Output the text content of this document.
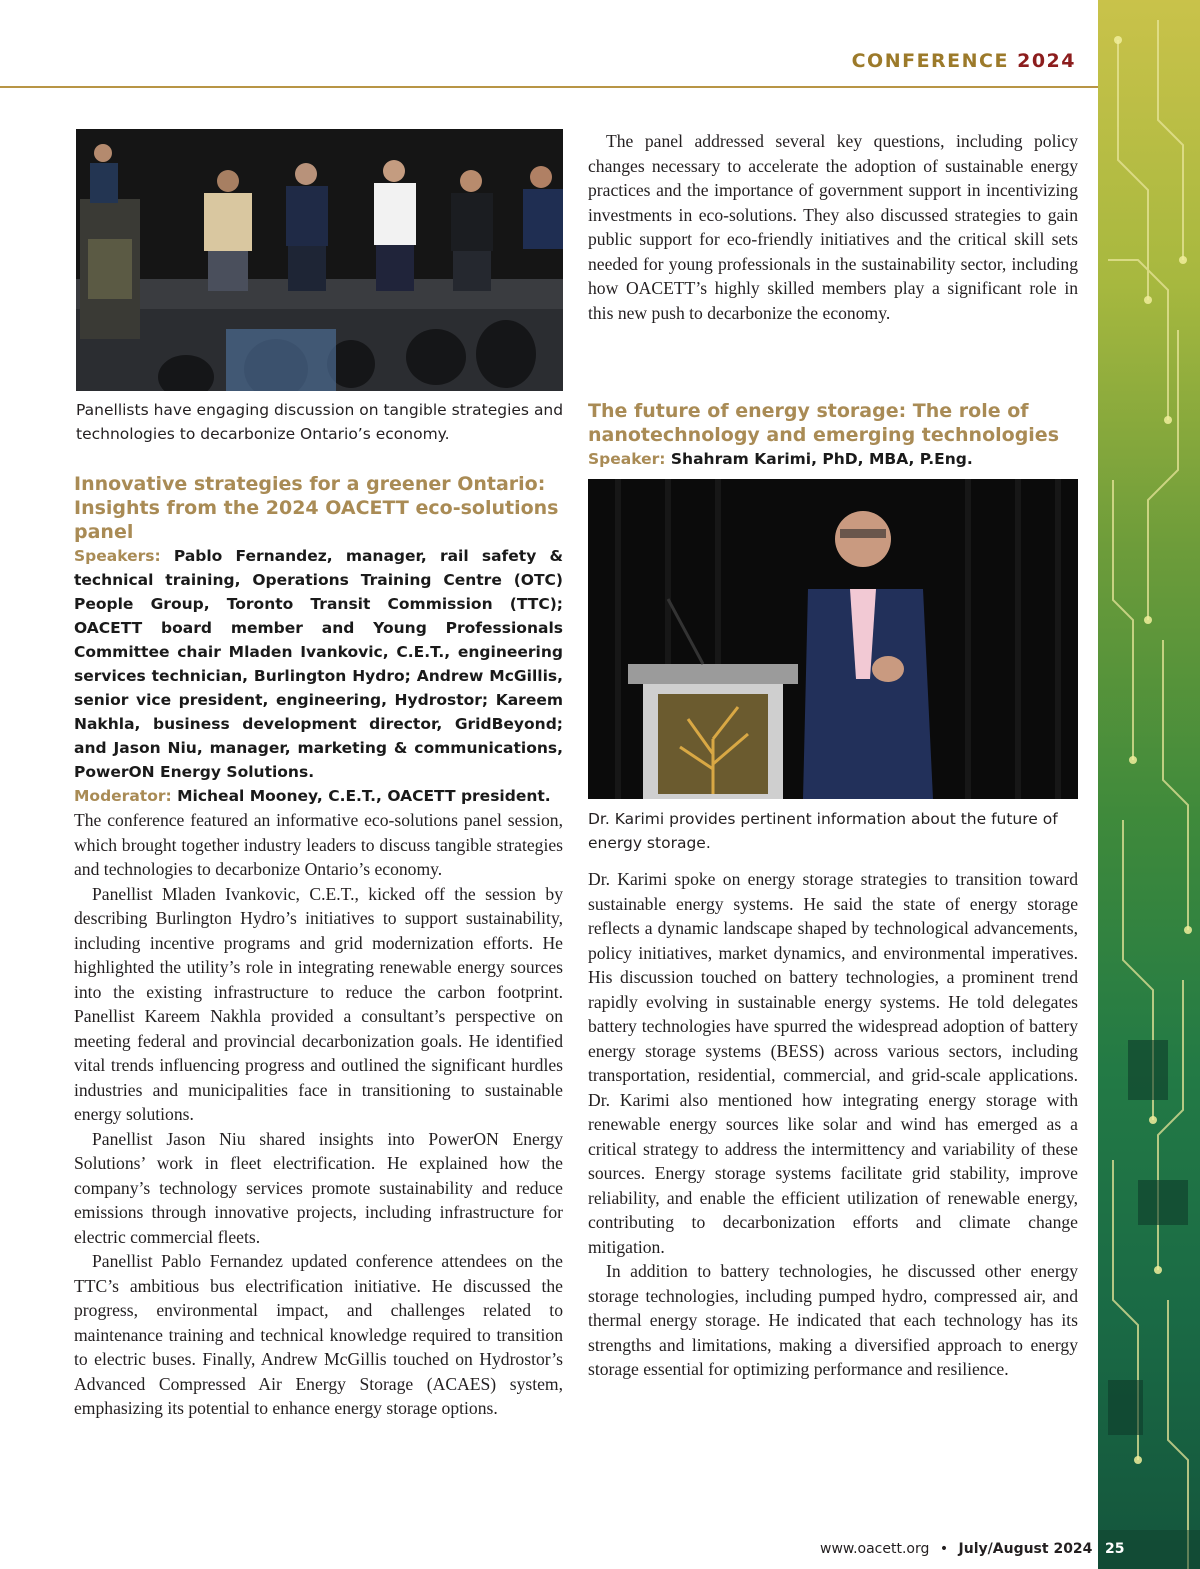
CONFERENCE 2024
Panellists have engaging discussion on tangible strategies and technologies to decarbonize Ontario’s economy.
Innovative strategies for a greener Ontario: Insights from the 2024 OACETT eco-solutions panel
Speakers: Pablo Fernandez, manager, rail safety & technical training, Operations Training Centre (OTC) People Group, Toronto Transit Commission (TTC); OACETT board member and Young Professionals Committee chair Mladen Ivankovic, C.E.T., engineering services technician, Burlington Hydro; Andrew McGillis, senior vice president, engineering, Hydrostor; Kareem Nakhla, business development director, GridBeyond; and Jason Niu, manager, marketing & communications, PowerON Energy Solutions.
Moderator: Micheal Mooney, C.E.T., OACETT president.

The conference featured an informative eco-solutions panel session, which brought together industry leaders to discuss tangible strategies and technologies to decarbonize Ontario’s economy.

Panellist Mladen Ivankovic, C.E.T., kicked off the session by describing Burlington Hydro’s initiatives to support sustainability, including incentive programs and grid modernization efforts. He highlighted the utility’s role in integrating renewable energy sources into the existing infrastructure to reduce the carbon footprint. Panellist Kareem Nakhla provided a consultant’s perspective on meeting federal and provincial decarbonization goals. He identified vital trends influencing progress and outlined the significant hurdles industries and municipalities face in transitioning to sustainable energy solutions.

Panellist Jason Niu shared insights into PowerON Energy Solutions’ work in fleet electrification. He explained how the company’s technology services promote sustainability and reduce emissions through innovative projects, including infrastructure for electric commercial fleets.

Panellist Pablo Fernandez updated conference attendees on the TTC’s ambitious bus electrification initiative. He discussed the progress, environmental impact, and challenges related to maintenance training and technical knowledge required to transition to electric buses. Finally, Andrew McGillis touched on Hydrostor’s Advanced Compressed Air Energy Storage (ACAES) system, emphasizing its potential to enhance energy storage options.

The panel addressed several key questions, including policy changes necessary to accelerate the adoption of sustainable energy practices and the importance of government support in incentivizing investments in eco-solutions. They also discussed strategies to gain public support for eco-friendly initiatives and the critical skill sets needed for young professionals in the sustainability sector, including how OACETT’s highly skilled members play a significant role in this new push to decarbonize the economy.

The future of energy storage: The role of nanotechnology and emerging technologies
Speaker: Shahram Karimi, PhD, MBA, P.Eng.
Dr. Karimi provides pertinent information about the future of energy storage.

Dr. Karimi spoke on energy storage strategies to transition toward sustainable energy systems. He said the state of energy storage reflects a dynamic landscape shaped by technological advancements, policy initiatives, market dynamics, and environmental imperatives. His discussion touched on battery technologies, a prominent trend rapidly evolving in sustainable energy systems. He told delegates battery technologies have spurred the widespread adoption of battery energy storage systems (BESS) across various sectors, including transportation, residential, commercial, and grid-scale applications. Dr. Karimi also mentioned how integrating energy storage with renewable energy sources like solar and wind has emerged as a critical strategy to address the intermittency and variability of these sources. Energy storage systems facilitate grid stability, improve reliability, and enable the efficient utilization of renewable energy, contributing to decarbonization efforts and climate change mitigation.

In addition to battery technologies, he discussed other energy storage technologies, including pumped hydro, compressed air, and thermal energy storage. He indicated that each technology has its strengths and limitations, making a diversified approach to energy storage essential for optimizing performance and resilience.

www.oacett.org • July/August 2024 25
